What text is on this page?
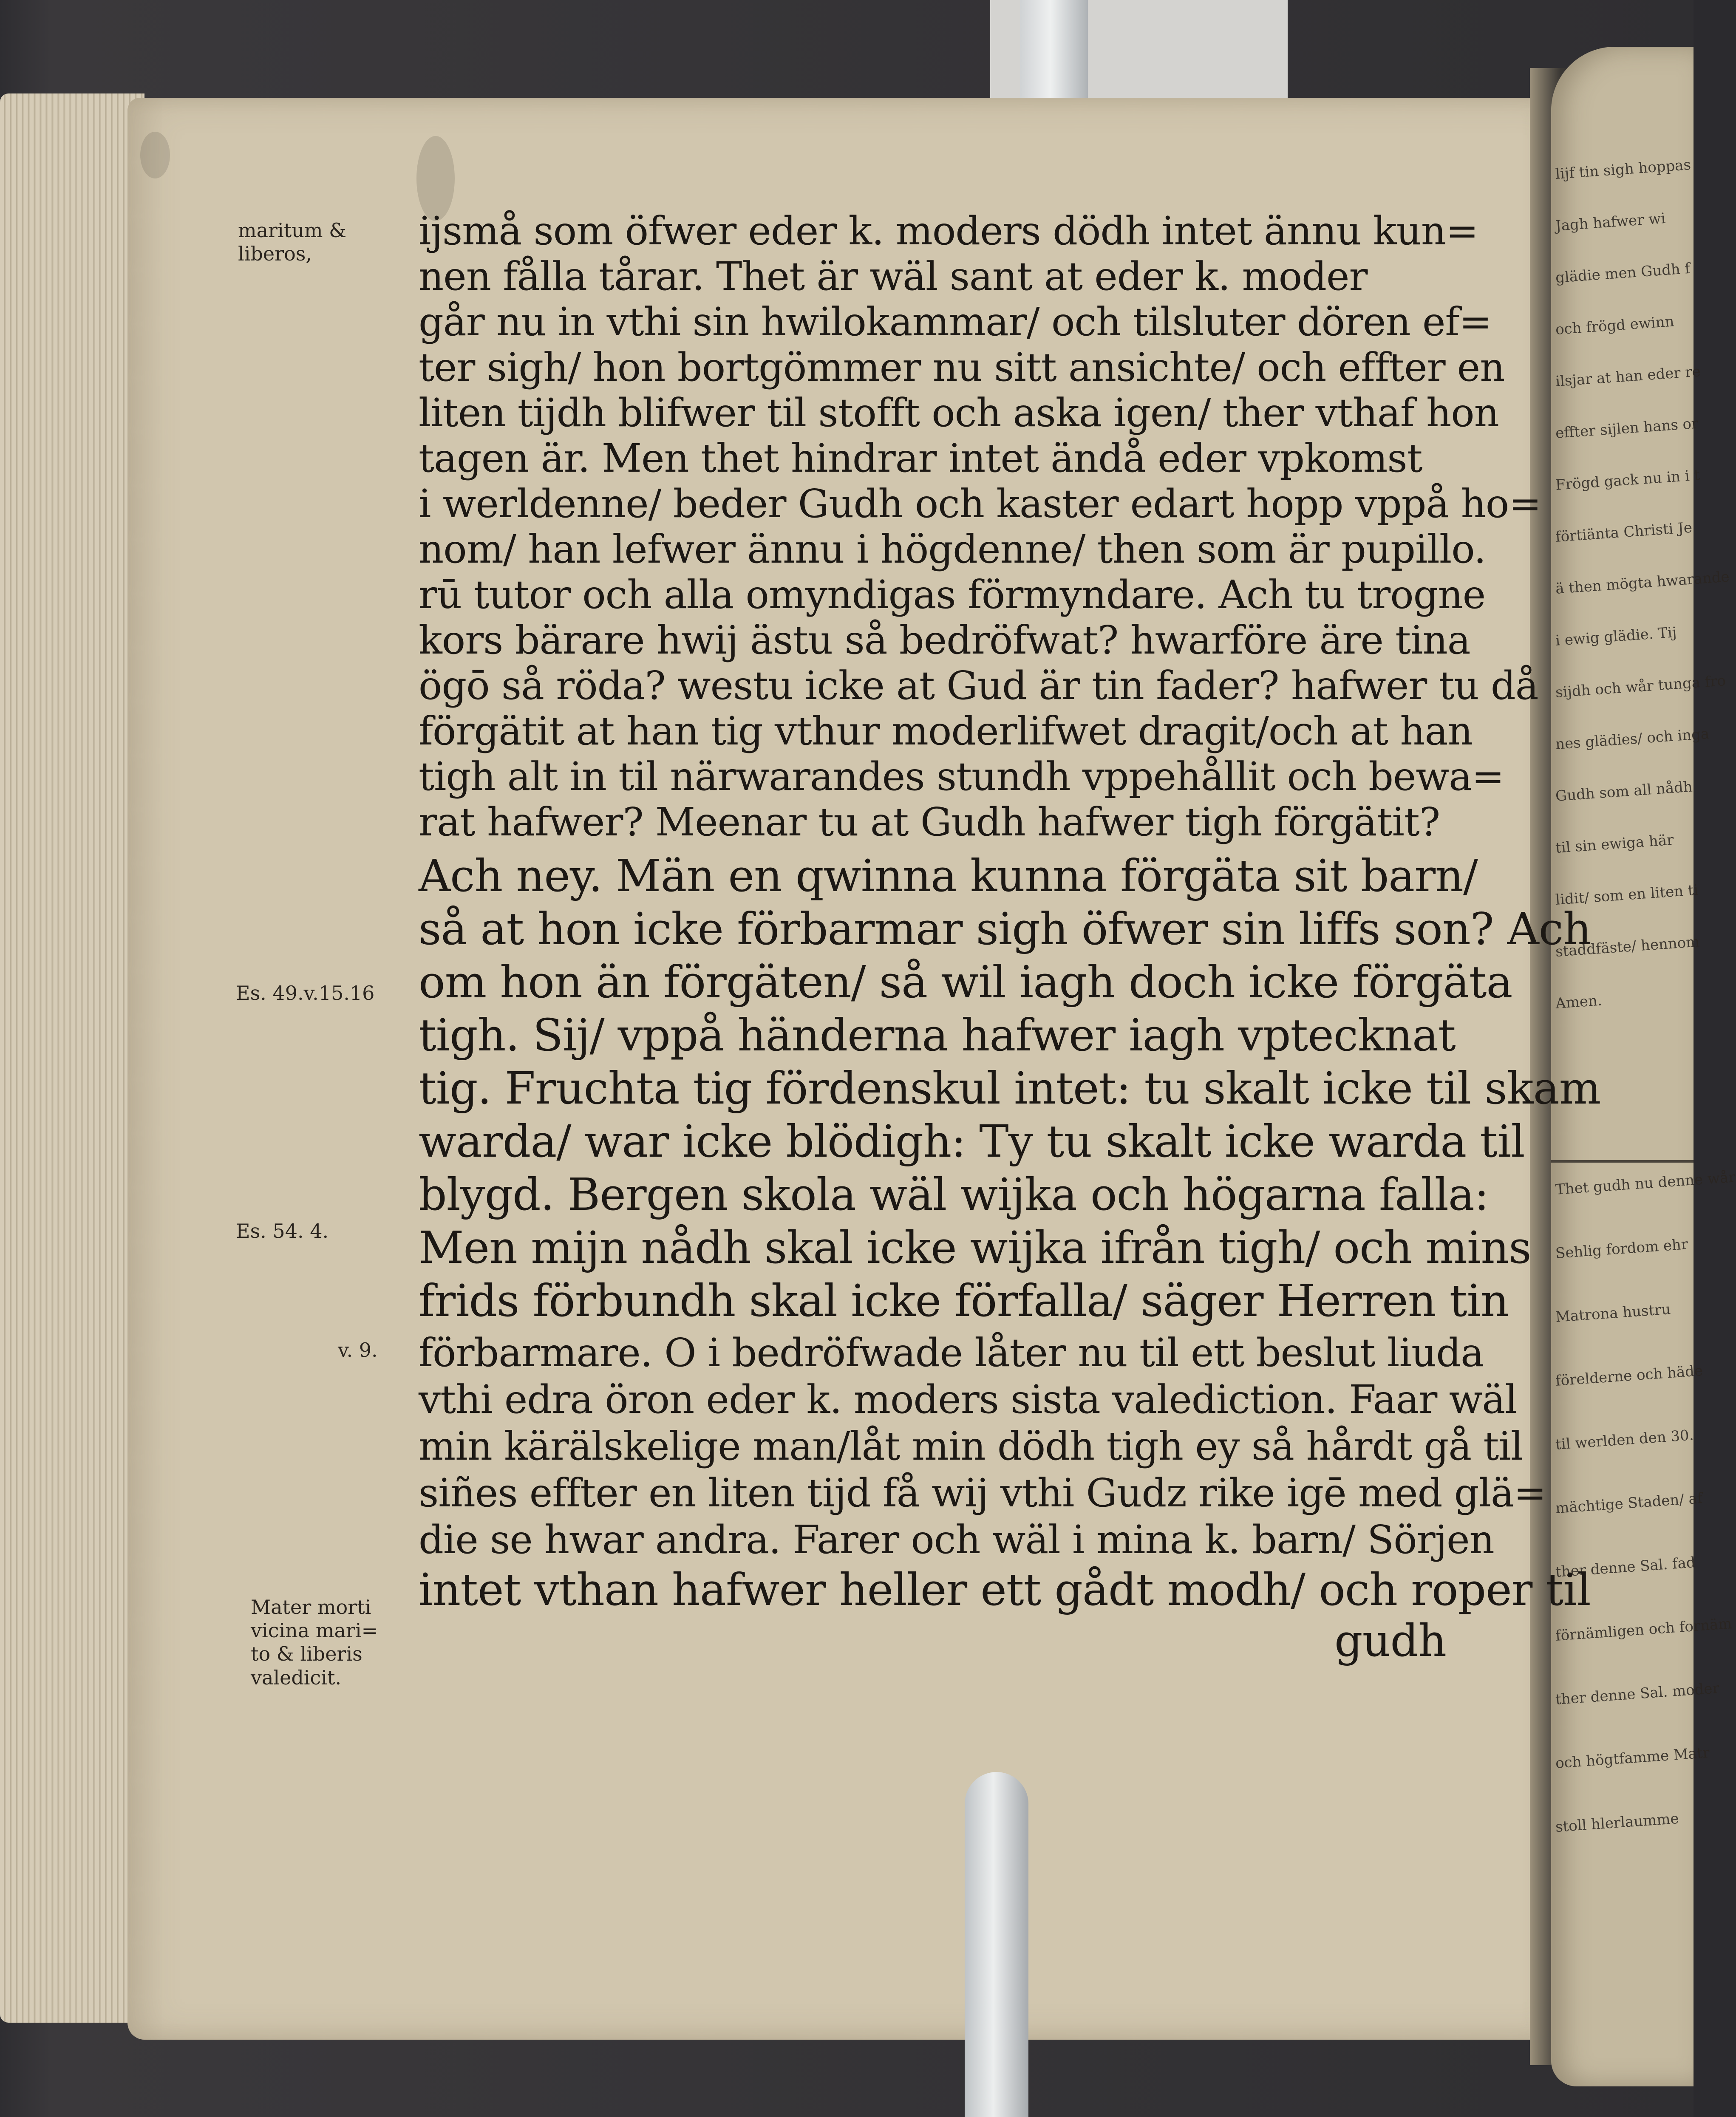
lijf tin sigh hoppas
Jagh hafwer wi
glädie men Gudh f
och frögd ewinn
ilsjar at han eder re
effter sijlen hans or
Frögd gack nu in i t
förtiänta Christi Je
ä then mögta hwarande
i ewig glädie. Tij
sijdh och wår tunga fro
nes glädies/ och inga
Gudh som all nådh
til sin ewiga här
lidit/ som en liten ti
staddfäste/ hennom
Amen.
Thet gudh nu denne wår
Sehlig fordom ehr
Matrona hustru
förelderne och häde
til werlden den 30.
mächtige Staden/ af
ther denne Sal. fad
förnämligen och fornäm
ther denne Sal. moder
och högtfamme Matr
stoll hlerlaumme
maritum &
liberos,
Es. 49.v.15.16
Es. 54. 4.
v. 9.
Mater morti
vicina mari=
to & liberis
valedicit.
ijsmå som öfwer eder k. moders dödh intet ännu kun=
nen fålla tårar. Thet är wäl sant at eder k. moder
går nu in vthi sin hwilokammar/ och tilsluter dören ef=
ter sigh/ hon bortgömmer nu sitt ansichte/ och effter en
liten tijdh blifwer til stofft och aska igen/ ther vthaf hon
tagen är. Men thet hindrar intet ändå eder vpkomst
i werldenne/ beder Gudh och kaster edart hopp vppå ho=
nom/ han lefwer ännu i högdenne/ then som är pupillo.
rū tutor och alla omyndigas förmyndare. Ach tu trogne
kors bärare hwij ästu så bedröfwat? hwarföre äre tina
ögō så röda? westu icke at Gud är tin fader? hafwer tu då
förgätit at han tig vthur moderlifwet dragit/och at han
tigh alt in til närwarandes stundh vppehållit och bewa=
rat hafwer? Meenar tu at Gudh hafwer tigh förgätit?
Ach ney. Män en qwinna kunna förgäta sit barn/
så at hon icke förbarmar sigh öfwer sin liffs son? Ach
om hon än förgäten/ så wil iagh doch icke förgäta
tigh. Sij/ vppå händerna hafwer iagh vptecknat
tig. Fruchta tig fördenskul intet: tu skalt icke til skam
warda/ war icke blödigh: Ty tu skalt icke warda til
blygd. Bergen skola wäl wijka och högarna falla:
Men mijn nådh skal icke wijka ifrån tigh/ och mins
frids förbundh skal icke förfalla/ säger Herren tin
förbarmare. O i bedröfwade låter nu til ett beslut liuda
vthi edra öron eder k. moders sista valediction. Faar wäl
min kärälskelige man/låt min dödh tigh ey så hårdt gå til
siñes effter en liten tijd få wij vthi Gudz rike igē med glä=
die se hwar andra. Farer och wäl i mina k. barn/ Sörjen
intet vthan hafwer heller ett gådt modh/ och roper til
gudh
